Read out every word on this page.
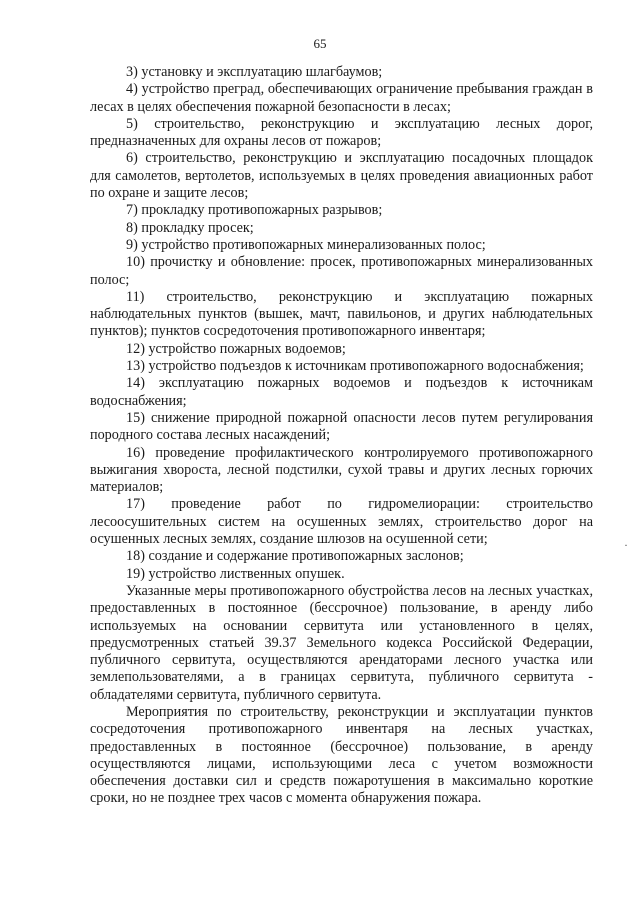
65

3) установку и эксплуатацию шлагбаумов;

4) устройство преград, обеспечивающих ограничение пребывания граждан в лесах в целях обеспечения пожарной безопасности в лесах;

5) строительство, реконструкцию и эксплуатацию лесных дорог, предназначенных для охраны лесов от пожаров;

6) строительство, реконструкцию и эксплуатацию посадочных площадок для самолетов, вертолетов, используемых в целях проведения авиационных работ по охране и защите лесов;

7) прокладку противопожарных разрывов;

8) прокладку просек;

9) устройство противопожарных минерализованных полос;

10) прочистку и обновление: просек, противопожарных минерализованных полос;

11) строительство, реконструкцию и эксплуатацию пожарных наблюдательных пунктов (вышек, мачт, павильонов, и других наблюдательных пунктов); пунктов сосредоточения противопожарного инвентаря;

12) устройство пожарных водоемов;

13) устройство подъездов к источникам противопожарного водоснабжения;

14) эксплуатацию пожарных водоемов и подъездов к источникам водоснабжения;

15) снижение природной пожарной опасности лесов путем регулирования породного состава лесных насаждений;

16) проведение профилактического контролируемого противопожарного выжигания хвороста, лесной подстилки, сухой травы и других лесных горючих материалов;

17) проведение работ по гидромелиорации: строительство лесоосушительных систем на осушенных землях, строительство дорог на осушенных лесных землях, создание шлюзов на осушенной сети;

18) создание и содержание противопожарных заслонов;

19) устройство лиственных опушек.

Указанные меры противопожарного обустройства лесов на лесных участках, предоставленных в постоянное (бессрочное) пользование, в аренду либо используемых на основании сервитута или установленного в целях, предусмотренных статьей 39.37 Земельного кодекса Российской Федерации, публичного сервитута, осуществляются арендаторами лесного участка или землепользователями, а в границах сервитута, публичного сервитута - обладателями сервитута, публичного сервитута.

Мероприятия по строительству, реконструкции и эксплуатации пунктов сосредоточения противопожарного инвентаря на лесных участках, предоставленных в постоянное (бессрочное) пользование, в аренду осуществляются лицами, использующими леса с учетом возможности обеспечения доставки сил и средств пожаротушения в максимально короткие сроки, но не позднее трех часов с момента обнаружения пожара.

·
